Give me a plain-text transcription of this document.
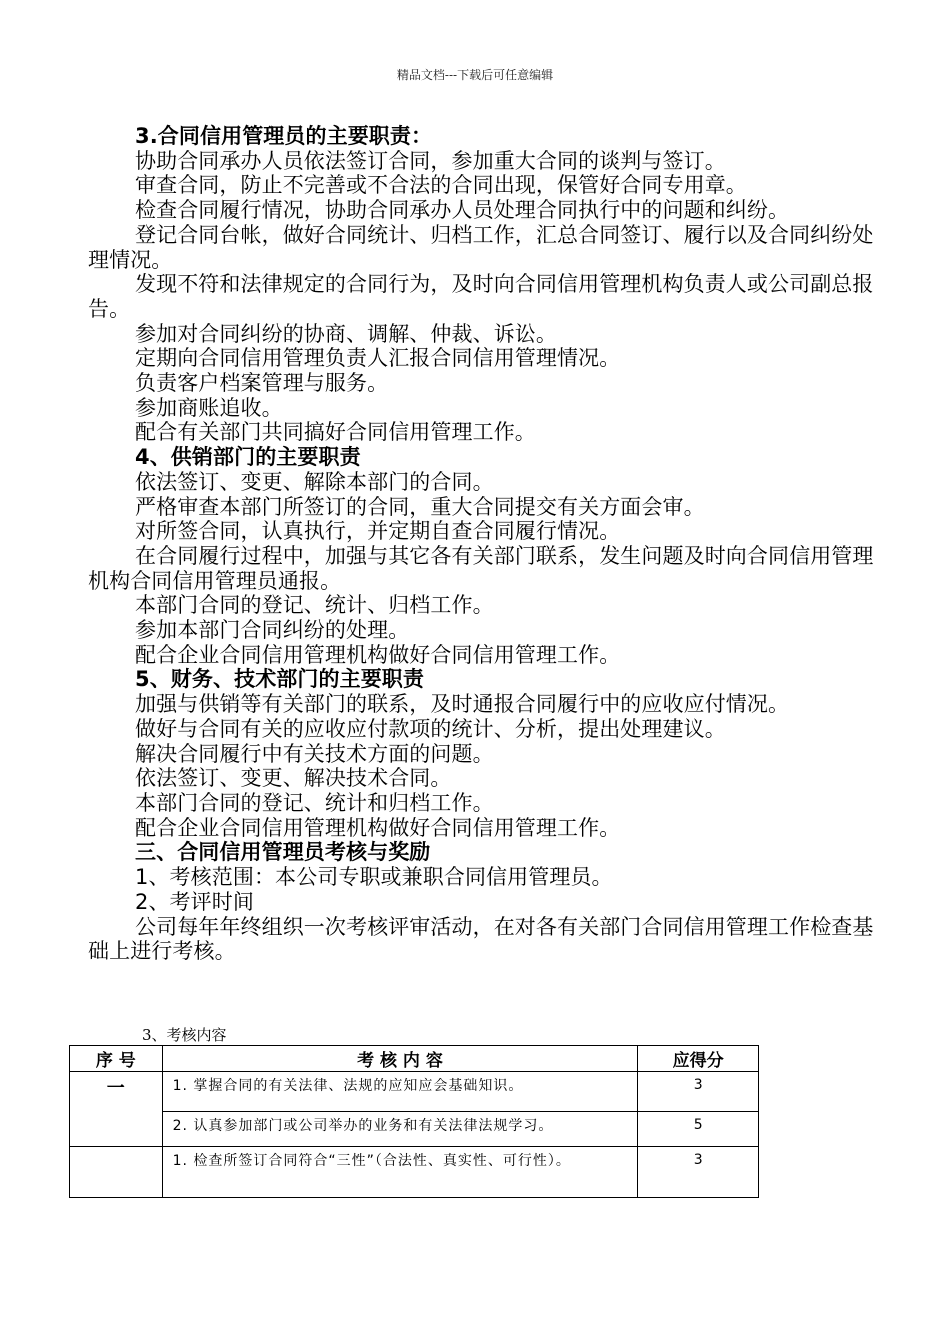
精品文档---下载后可任意编辑

3.合同信用管理员的主要职责：

协助合同承办人员依法签订合同，参加重大合同的谈判与签订。

审查合同，防止不完善或不合法的合同出现，保管好合同专用章。

检查合同履行情况，协助合同承办人员处理合同执行中的问题和纠纷。

登记合同台帐，做好合同统计、归档工作，汇总合同签订、履行以及合同纠纷处理情况。

发现不符和法律规定的合同行为，及时向合同信用管理机构负责人或公司副总报告。

参加对合同纠纷的协商、调解、仲裁、诉讼。

定期向合同信用管理负责人汇报合同信用管理情况。

负责客户档案管理与服务。

参加商账追收。

配合有关部门共同搞好合同信用管理工作。

4、供销部门的主要职责

依法签订、变更、解除本部门的合同。

严格审查本部门所签订的合同，重大合同提交有关方面会审。

对所签合同，认真执行，并定期自查合同履行情况。

在合同履行过程中，加强与其它各有关部门联系，发生问题及时向合同信用管理机构合同信用管理员通报。

本部门合同的登记、统计、归档工作。

参加本部门合同纠纷的处理。

配合企业合同信用管理机构做好合同信用管理工作。

5、财务、技术部门的主要职责

加强与供销等有关部门的联系，及时通报合同履行中的应收应付情况。

做好与合同有关的应收应付款项的统计、分析，提出处理建议。

解决合同履行中有关技术方面的问题。

依法签订、变更、解决技术合同。

本部门合同的登记、统计和归档工作。

配合企业合同信用管理机构做好合同信用管理工作。

三、合同信用管理员考核与奖励

1、考核范围：本公司专职或兼职合同信用管理员。

2、考评时间

公司每年年终组织一次考核评审活动，在对各有关部门合同信用管理工作检查基础上进行考核。

3、考核内容
序 号	考 核 内 容	应得分
一	1. 掌握合同的有关法律、法规的应知应会基础知识。	3
	2. 认真参加部门或公司举办的业务和有关法律法规学习。	5
	1. 检查所签订合同符合“三性”（合法性、真实性、可行性）。	3
